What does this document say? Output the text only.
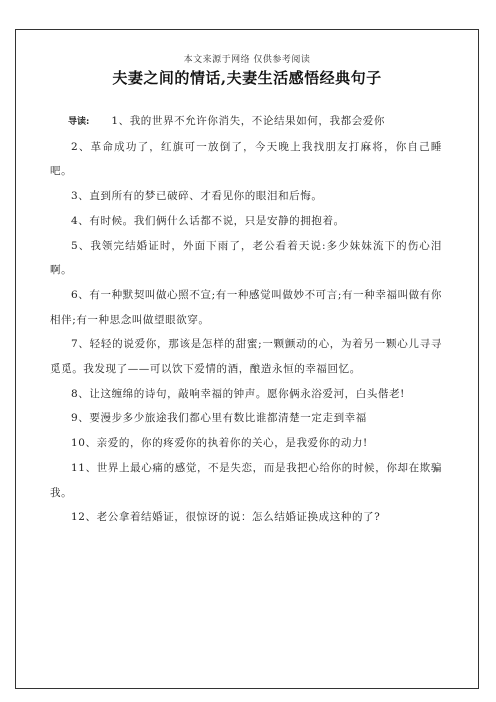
本文来源于网络 仅供参考阅读
夫妻之间的情话,夫妻生活感悟经典句子

导读: 1、我的世界不允许你消失，不论结果如何，我都会爱你

2、革命成功了，红旗可一放倒了，今天晚上我找朋友打麻将，你自己睡吧。

3、直到所有的梦已破碎、才看见你的眼泪和后悔。

4、有时候。我们俩什么话都不说，只是安静的拥抱着。

5、我领完结婚证时，外面下雨了，老公看着天说:多少妹妹流下的伤心泪啊。

6、有一种默契叫做心照不宣;有一种感觉叫做妙不可言;有一种幸福叫做有你相伴;有一种思念叫做望眼欲穿。

7、轻轻的说爱你，那该是怎样的甜蜜;一颗颤动的心，为着另一颗心儿寻寻觅觅。我发现了——可以饮下爱情的酒，酿造永恒的幸福回忆。

8、让这缠绵的诗句，敲响幸福的钟声。愿你俩永浴爱河，白头偕老!

9、要漫步多少旅途我们都心里有数比谁都清楚一定走到幸福

10、亲爱的，你的疼爱你的执着你的关心，是我爱你的动力!

11、世界上最心痛的感觉，不是失恋，而是我把心给你的时候，你却在欺骗我。

12、老公拿着结婚证，很惊讶的说：怎么结婚证换成这种的了?
